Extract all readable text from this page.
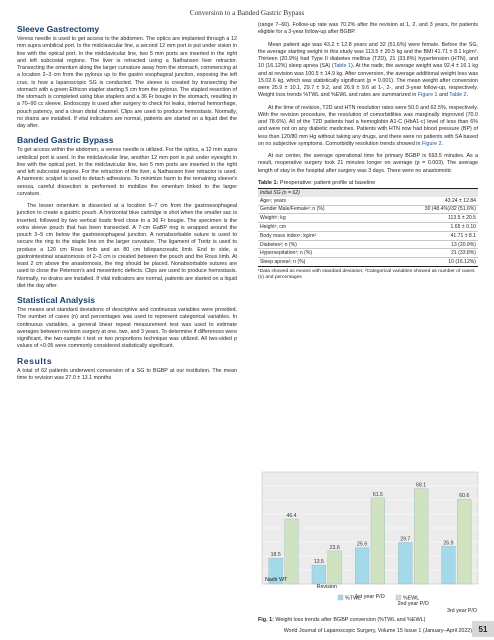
Conversion to a Banded Gastric Bypass
Sleeve Gastrectomy

Veress needle is used to get access to the abdomen. The optics are implanted through a 12 mm supra umbilical port. In the midclavicular line, a second 12 mm port is put under vision in line with the optical port. In the midclavicular line, two 5 mm ports are inserted in the right and left subcostal regions. The liver is retracted using a Nathanson liver retractor. Transecting the omentum along the larger curvature away from the stomach, commencing at a location 2–3 cm from the pylorus up to the gastro esophageal junction, exposing the left crus, is how a laparoscopic SG is conducted. The sleeve is created by transecting the stomach with a green Ethicon stapler starting 5 cm from the pylorus. The stapled resection of the stomach is completed using blue staplers and a 36 Fr bougie in the stomach, resulting in a 70–90 cc sleeve. Endoscopy is used after surgery to check for leaks, internal hemorrhage, pouch patency, and a clean distal channel. Clips are used to produce hemostasis. Normally, no drains are installed. If vital indicators are normal, patients are started on a liquid diet the day after.

Banded Gastric Bypass

To get access within the abdomen, a veress needle is utilized. For the optics, a 12 mm supra umbilical port is used. In the midclavicular line, another 12 mm port is put under eyesight in line with the optical port. In the midclavicular line, two 5 mm ports are inserted in the right and left subcostal regions. For the retraction of the liver, a Nathanson liver retractor is used. A harmonic scalpel is used to detach adhesions. To minimize harm to the remaining sleeve's serosa, careful dissection is performed to mobilize the omentum linked to the larger curvature.

The lesser omentum is dissected at a location 6–7 cm from the gastroesophageal junction to create a gastric pouch. A horizontal blue cartridge is shot when the smaller sac is inserted, followed by two vertical loads fired close to a 36 Fr bougie. The specimen is the extra sleeve pouch that has been transected. A 7-cm GaBP ring is wrapped around the pouch 3–5 cm below the gastroesophageal junction. A nonabsorbable suture is used to secure the ring to the staple line on the larger curvature. The ligament of Treitz is used to produce a 120 cm Roux limb and an 80 cm biliopancreatic limb. End to side, a gastrointestinal anastomosis of 2–3 cm is created between the pouch and the Roux limb. At least 2 cm above the anastomosis, the ring should be placed. Nonabsorbable sutures are used to close the Peterson's and mesenteric defects. Clips are used to produce hemostasis. Normally, no drains are installed. If vital indicators are normal, patients are started on a liquid diet the day after.

Statistical Analysis

The means and standard deviations of descriptive and continuous variables were provided. The number of cases (n) and percentages was used to represent categorical variables. In continuous variables, a general linear repeat measurement test was used to estimate averages between revision surgery at one, two, and 3 years. To determine if differences were significant, the two-sample t test or two proportions technique was utilized. All two-sided p values of <0.05 were commonly considered statistically significant.

Results

A total of 62 patients underwent conversion of a SG to BGBP at our institution. The mean time to revision was 27.0 ± 13.1 months

(range 7–60). Follow-up rate was 70.2% after the revision at 1, 2, and 3 years, for patients eligible for a 3-year follow-up after BGBP.

Mean patient age was 43.2 ± 12.8 years and 32 (51.6%) were female. Before the SG, the average starting weight in this study was 113.5 ± 20.5 kg and the BMI 41.71 ± 8.1 kg/m². Thirteen (20.9%) had Type II diabetes mellitus (T2D), 21 (33.8%) hypertension (HTN), and 10 (16.12%) sleep apnea (SA) (Table 1). At the nadir, the average weight was 92.4 ± 16.1 kg and at revision was 100.5 ± 14.9 kg. After conversion, the average additional weight loss was 15.02.6 kg, which was statistically significant (p = 0.001). The mean weight after conversion were 25.9 ± 10.1, 29.7 ± 9.2, and 26.9 ± 9.6 at 1-, 2-, and 3-year follow-up, respectively. Weight loss trends %TWL and %EWL and rates are summarized in Figure 1 and Table 2.

At the time of revision, T2D and HTN resolution rates were 50.0 and 62.5%, respectively. With the revision procedure, the resolution of comorbidities was marginally improved (70.0 and 78.6%). All of the T2D patients had a hemoglobin A1-C (HbA1-c) level of less than 6% and were not on any diabetic medicines. Patients with HTN now had blood pressure (BP) of less than 120/80 mm Hg without taking any drugs, and there were no patients with SA based on no subjective symptoms. Comorbidity resolution trends showed in Figure 2.

At our center, the average operational time for primary BGBP is 693.5 minutes. As a result, reoperative surgery took 21 minutes longer on average (p = 0.003). The average length of stay in the hospital after surgery was 3 days. There were no anastomotic

Table 1: Preoperative: patient profile at baseline
Initial SG (n = 62)	
Age¹; years	43.24 ± 12.84
Gender Male/Female²; n (%)	30 (48.4%)/32 (51.6%)
Weight¹; kg	113.5 ± 20.5
Height¹; cm	1.65 ± 0.10
Body mass index¹; kg/m²	41.71 ± 8.1
Diabetes²; n (%)	13 (20.9%)
Hypersepitation²; n (%)	21 (33.8%)
Sleep apnea²; n (%)	10 (16.12%)
¹Data showed as means with standard deviation; ²Categorical variables showed as number of cases (n) and percentages
18.5
46.4
13.5
23.6
25.9
61.5
29.7
68.1
26.9
60.6
Nadir WT
Revision
1st year P/O
2nd year P/O
3rd year P/O
%TWL	%EWL
Fig. 1: Weight loss trends after BGBP conversion (%TWL and %EWL)
World Journal of Laparoscopic Surgery, Volume 15 Issue 1 (January–April 2022) 51
